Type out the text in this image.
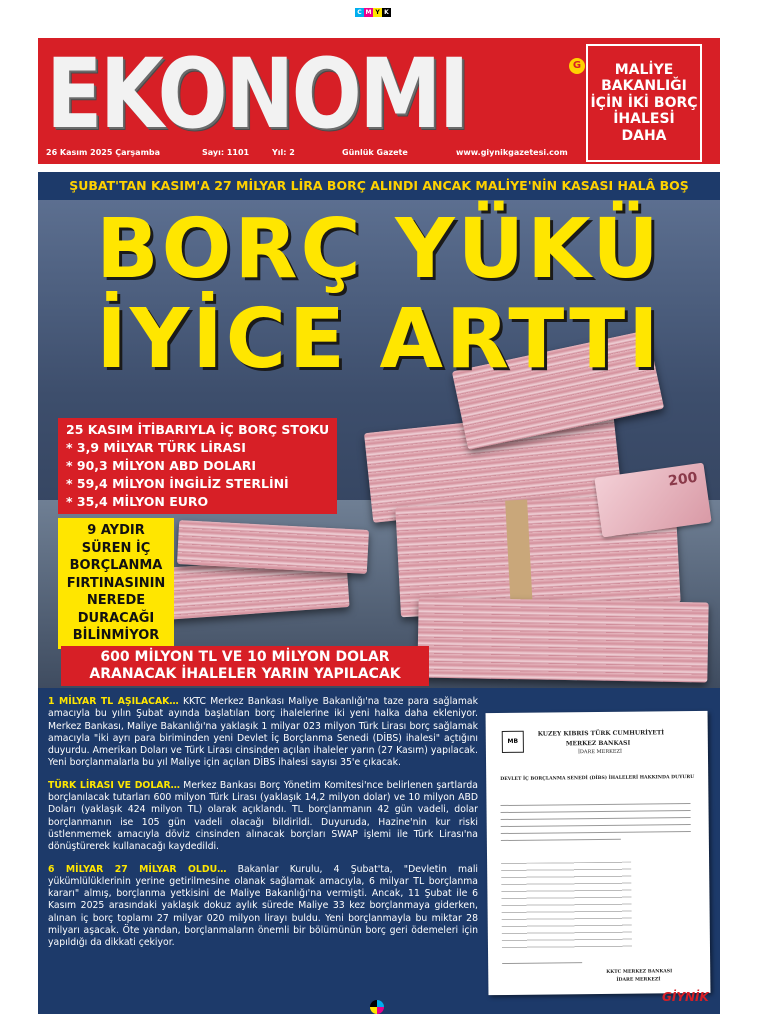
C M Y K
EKONOMI	G
26 Kasım 2025 Çarşamba	Sayı: 1101	Yıl: 2	Günlük Gazete	www.giynikgazetesi.com
MALİYE BAKANLIĞI İÇİN İKİ BORÇ İHALESİ DAHA
ŞUBAT'TAN KASIM'A 27 MİLYAR LİRA BORÇ ALINDI ANCAK MALİYE'NİN KASASI HALÂ BOŞ
200
BORÇ YÜKÜ
İYİCE ARTTI
25 KASIM İTİBARIYLA İÇ BORÇ STOKU
* 3,9 MİLYAR TÜRK LİRASI
* 90,3 MİLYON ABD DOLARI
* 59,4 MİLYON İNGİLİZ STERLİNİ
* 35,4 MİLYON EURO
9 AYDIR SÜREN İÇ BORÇLANMA FIRTINASININ NEREDE DURACAĞI BİLİNMİYOR
600 MİLYON TL VE 10 MİLYON DOLAR
ARANACAK İHALELER YARIN YAPILACAK

1 MİLYAR TL AŞILACAK… KKTC Merkez Bankası Maliye Bakanlığı'na taze para sağlamak amacıyla bu yılın Şubat ayında başlatılan borç ihalelerine iki yeni halka daha ekleniyor. Merkez Bankası, Maliye Bakanlığı'na yaklaşık 1 milyar 023 milyon Türk Lirası borç sağlamak amacıyla "iki ayrı para biriminden yeni Devlet İç Borçlanma Senedi (DİBS) ihalesi" açtığını duyurdu. Amerikan Doları ve Türk Lirası cinsinden açılan ihaleler yarın (27 Kasım) yapılacak. Yeni borçlanmalarla bu yıl Maliye için açılan DİBS ihalesi sayısı 35'e çıkacak.

TÜRK LİRASI VE DOLAR… Merkez Bankası Borç Yönetim Komitesi'nce belirlenen şartlarda borçlanılacak tutarları 600 milyon Türk Lirası (yaklaşık 14,2 milyon dolar) ve 10 milyon ABD Doları (yaklaşık 424 milyon TL) olarak açıklandı. TL borçlanmanın 42 gün vadeli, dolar borçlanmanın ise 105 gün vadeli olacağı bildirildi. Duyuruda, Hazine'nin kur riski üstlenmemek amacıyla döviz cinsinden alınacak borçları SWAP işlemi ile Türk Lirası'na dönüştürerek kullanacağı kaydedildi.

6 MİLYAR 27 MİLYAR OLDU… Bakanlar Kurulu, 4 Şubat'ta, "Devletin mali yükümlülüklerinin yerine getirilmesine olanak sağlamak amacıyla, 6 milyar TL borçlanma kararı" almış, borçlanma yetkisini de Maliye Bakanlığı'na vermişti. Ancak, 11 Şubat ile 6 Kasım 2025 arasındaki yaklaşık dokuz aylık sürede Maliye 33 kez borçlanmaya giderken, alınan iç borç toplamı 27 milyar 020 milyon lirayı buldu. Yeni borçlanmayla bu miktar 28 milyarı aşacak. Öte yandan, borçlanmaların önemli bir bölümünün borç geri ödemeleri için yapıldığı da dikkati çekiyor.

MB
KUZEY KIBRIS TÜRK CUMHURİYETİ
MERKEZ BANKASI
İDARE MERKEZİ
DEVLET İÇ BORÇLANMA SENEDİ (DİBS) İHALELERİ HAKKINDA DUYURU
KKTC MERKEZ BANKASI
İDARE MERKEZİ
GİYNİK
